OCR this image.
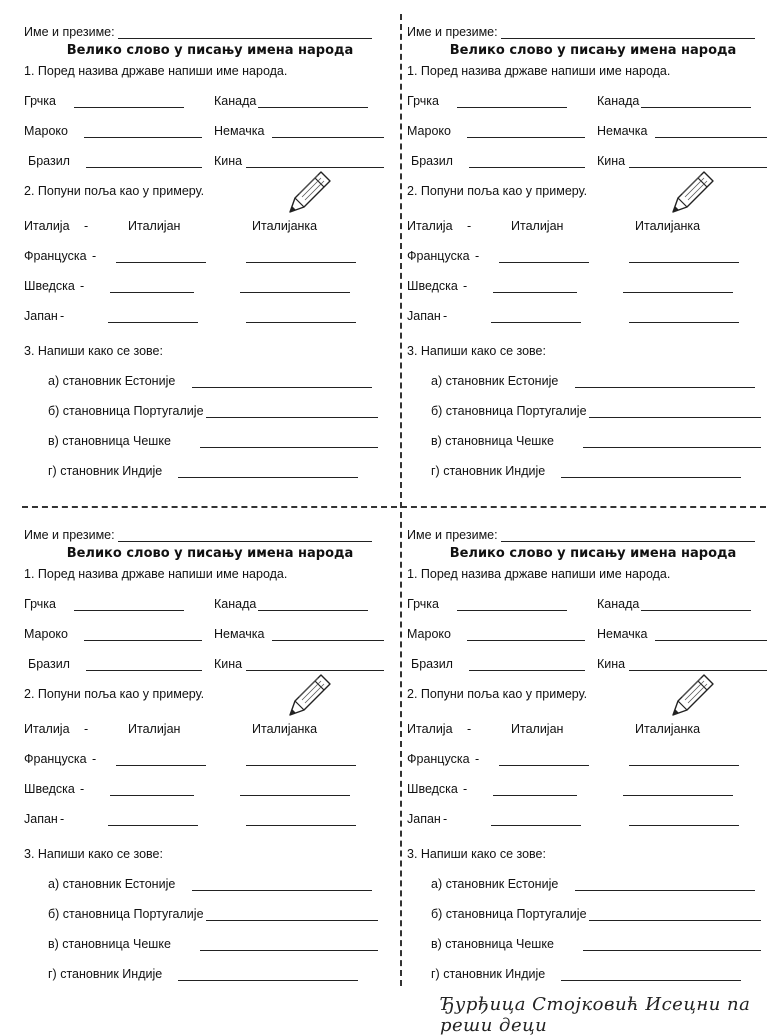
Ђурђица Стојковић Исецни па реши деци
Име и презиме:
Велико слово у писању имена народа
1. Поред назива државе напиши име народа.
Грчка	Канада
Мароко	Немачка
Бразил	Кина
2. Попуни поља као у примеру.
Италија -	Италијан	Италијанка
Француска -
Шведска -
Јапан -
3. Напиши како се зове:
а) становник Естоније
б) становница Португалије
в) становница Чешке
г) становник Индије
Име и презиме:
Велико слово у писању имена народа
1. Поред назива државе напиши име народа.
Грчка	Канада
Мароко	Немачка
Бразил	Кина
2. Попуни поља као у примеру.
Италија -	Италијан	Италијанка
Француска -
Шведска -
Јапан -
3. Напиши како се зове:
а) становник Естоније
б) становница Португалије
в) становница Чешке
г) становник Индије
Име и презиме:
Велико слово у писању имена народа
1. Поред назива државе напиши име народа.
Грчка	Канада
Мароко	Немачка
Бразил	Кина
2. Попуни поља као у примеру.
Италија -	Италијан	Италијанка
Француска -
Шведска -
Јапан -
3. Напиши како се зове:
а) становник Естоније
б) становница Португалије
в) становница Чешке
г) становник Индије
Име и презиме:
Велико слово у писању имена народа
1. Поред назива државе напиши име народа.
Грчка	Канада
Мароко	Немачка
Бразил	Кина
2. Попуни поља као у примеру.
Италија -	Италијан	Италијанка
Француска -
Шведска -
Јапан -
3. Напиши како се зове:
а) становник Естоније
б) становница Португалије
в) становница Чешке
г) становник Индије
